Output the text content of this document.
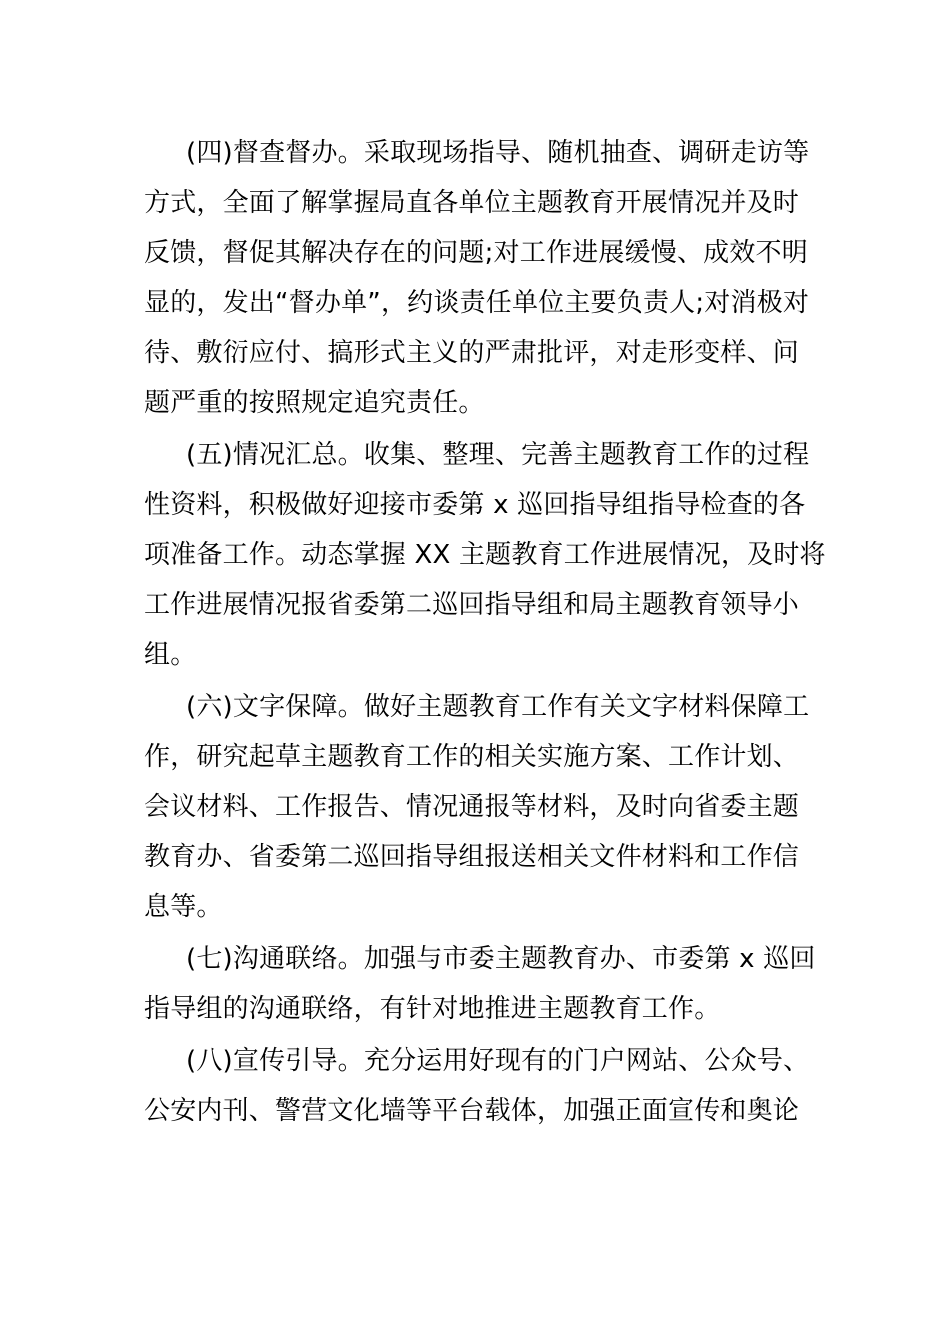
(四)督查督办。采取现场指导、随机抽查、调研走访等
方式，全面了解掌握局直各单位主题教育开展情况并及时
反馈，督促其解决存在的问题;对工作进展缓慢、成效不明
显的，发出“督办单”，约谈责任单位主要负责人;对消极对
待、敷衍应付、搞形式主义的严肃批评，对走形变样、问
题严重的按照规定追究责任。
(五)情况汇总。收集、整理、完善主题教育工作的过程
性资料，积极做好迎接市委第 x 巡回指导组指导检查的各
项准备工作。动态掌握 XX 主题教育工作进展情况，及时将
工作进展情况报省委第二巡回指导组和局主题教育领导小
组。
(六)文字保障。做好主题教育工作有关文字材料保障工
作，研究起草主题教育工作的相关实施方案、工作计划、
会议材料、工作报告、情况通报等材料，及时向省委主题
教育办、省委第二巡回指导组报送相关文件材料和工作信
息等。
(七)沟通联络。加强与市委主题教育办、市委第 x 巡回
指导组的沟通联络，有针对地推进主题教育工作。
(八)宣传引导。充分运用好现有的门户网站、公众号、
公安内刊、警营文化墙等平台载体，加强正面宣传和奥论
